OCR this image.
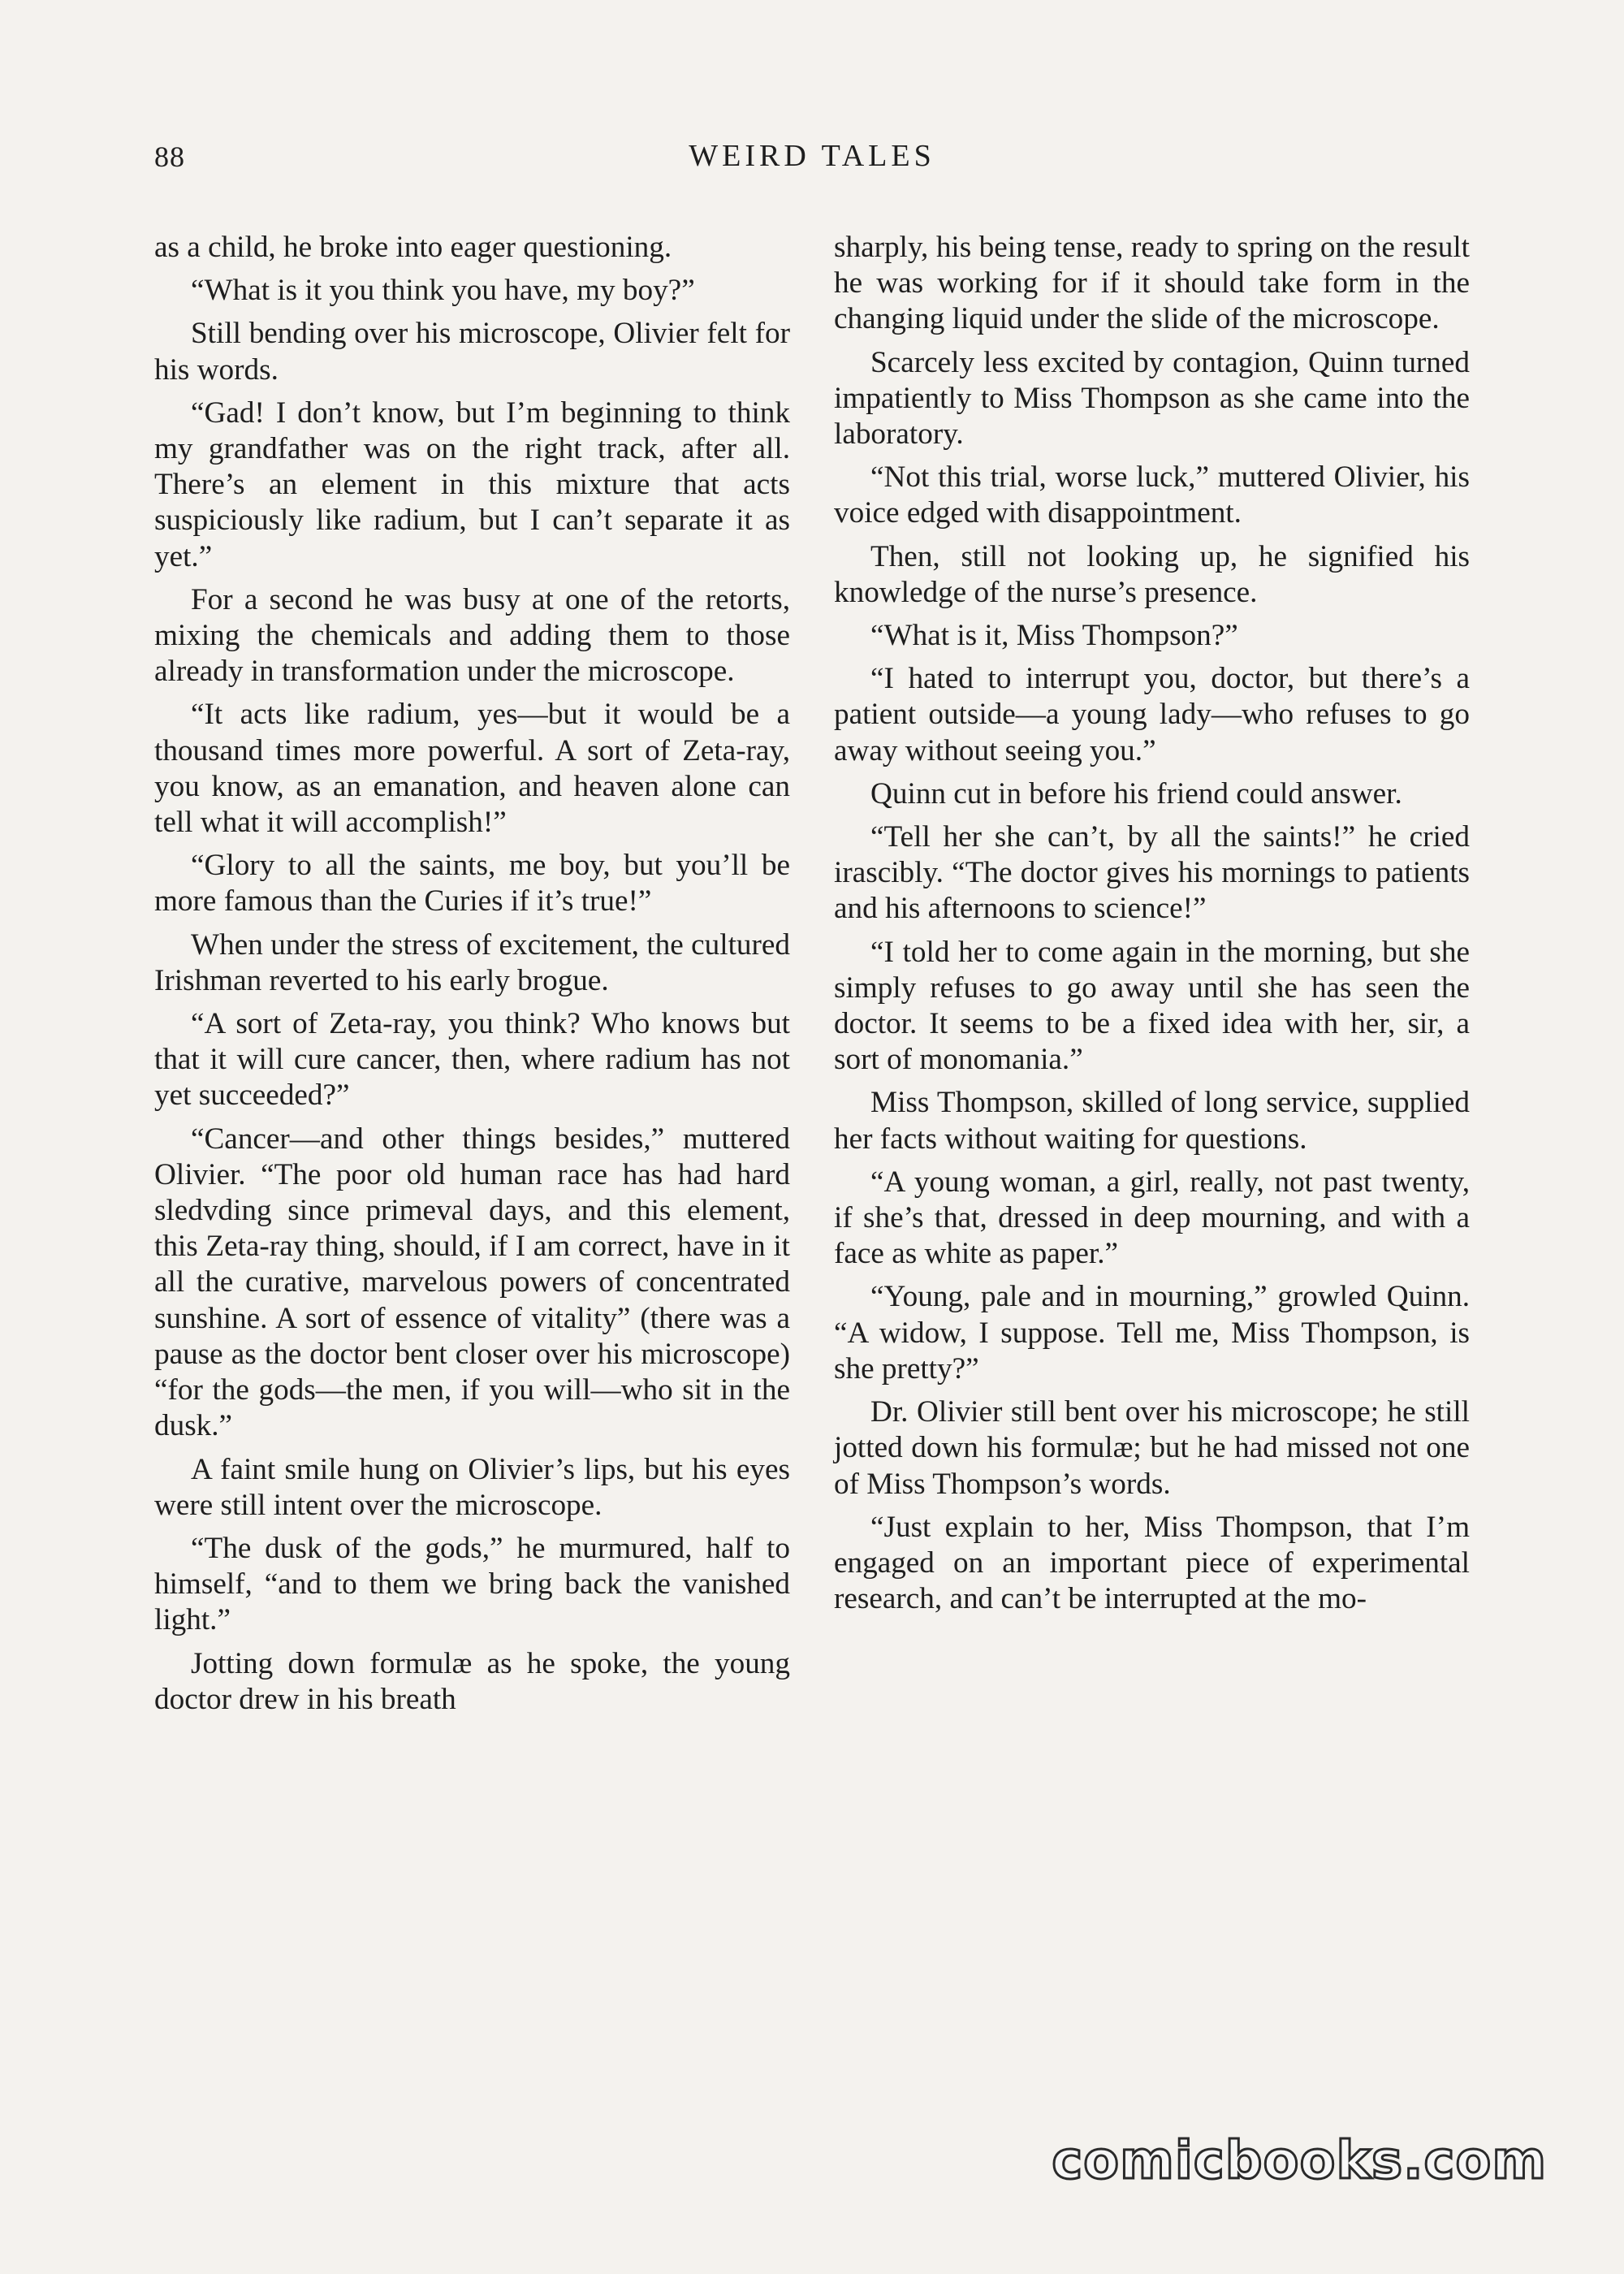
88	WEIRD TALES

as a child, he broke into eager questioning.

“What is it you think you have, my boy?”

Still bending over his microscope, Olivier felt for his words.

“Gad! I don’t know, but I’m beginning to think my grandfather was on the right track, after all. There’s an element in this mixture that acts suspiciously like radium, but I can’t separate it as yet.”

For a second he was busy at one of the retorts, mixing the chemicals and adding them to those already in transformation under the microscope.

“It acts like radium, yes—but it would be a thousand times more powerful. A sort of Zeta-ray, you know, as an emanation, and heaven alone can tell what it will accomplish!”

“Glory to all the saints, me boy, but you’ll be more famous than the Curies if it’s true!”

When under the stress of excitement, the cultured Irishman reverted to his early brogue.

“A sort of Zeta-ray, you think? Who knows but that it will cure cancer, then, where radium has not yet succeeded?”

“Cancer—and other things besides,” muttered Olivier. “The poor old human race has had hard sledvding since primeval days, and this element, this Zeta-ray thing, should, if I am correct, have in it all the curative, marvelous powers of concentrated sunshine. A sort of essence of vitality” (there was a pause as the doctor bent closer over his microscope) “for the gods—the men, if you will—who sit in the dusk.”

A faint smile hung on Olivier’s lips, but his eyes were still intent over the microscope.

“The dusk of the gods,” he murmured, half to himself, “and to them we bring back the vanished light.”

Jotting down formulæ as he spoke, the young doctor drew in his breath

sharply, his being tense, ready to spring on the result he was working for if it should take form in the changing liquid under the slide of the microscope.

Scarcely less excited by contagion, Quinn turned impatiently to Miss Thompson as she came into the laboratory.

“Not this trial, worse luck,” muttered Olivier, his voice edged with disappointment.

Then, still not looking up, he signified his knowledge of the nurse’s presence.

“What is it, Miss Thompson?”

“I hated to interrupt you, doctor, but there’s a patient outside—a young lady—who refuses to go away without seeing you.”

Quinn cut in before his friend could answer.

“Tell her she can’t, by all the saints!” he cried irascibly. “The doctor gives his mornings to patients and his afternoons to science!”

“I told her to come again in the morning, but she simply refuses to go away until she has seen the doctor. It seems to be a fixed idea with her, sir, a sort of monomania.”

Miss Thompson, skilled of long service, supplied her facts without waiting for questions.

“A young woman, a girl, really, not past twenty, if she’s that, dressed in deep mourning, and with a face as white as paper.”

“Young, pale and in mourning,” growled Quinn. “A widow, I suppose. Tell me, Miss Thompson, is she pretty?”

Dr. Olivier still bent over his microscope; he still jotted down his formulæ; but he had missed not one of Miss Thompson’s words.

“Just explain to her, Miss Thompson, that I’m engaged on an important piece of experimental research, and can’t be interrupted at the mo-

comicbooks.com
